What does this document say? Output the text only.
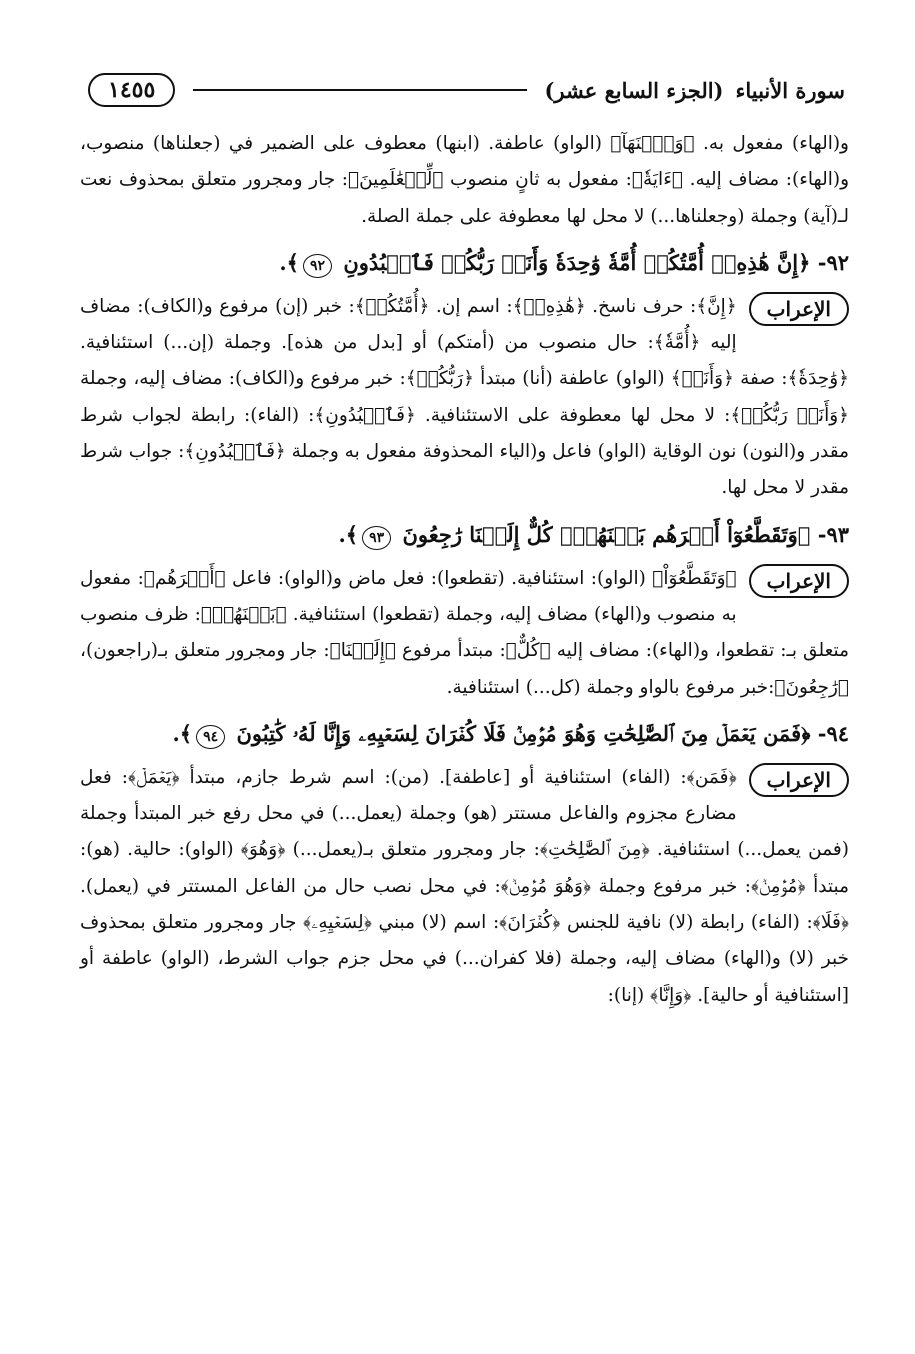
سورة الأنبياء
(الجزء السابع عشر)
١٤٥٥

و(الهاء) مفعول به. ﴿وَٱبۡنَهَآ﴾ (الواو) عاطفة. (ابنها) معطوف على الضمير في (جعلناها) منصوب، و(الهاء): مضاف إليه. ﴿ءَايَةٗ﴾: مفعول به ثانٍ منصوب ﴿لِّلۡعَٰلَمِينَ﴾: جار ومجرور متعلق بمحذوف نعت لـ(آية) وجملة (وجعلناها...) لا محل لها معطوفة على جملة الصلة.

٩٢- ﴿إِنَّ هَٰذِهِۦٓ أُمَّتُكُمۡ أُمَّةٗ وَٰحِدَةٗ وَأَنَا۠ رَبُّكُمۡ فَٱعۡبُدُونِ ٩٢﴾.
الإعراب

﴿إِنَّ﴾: حرف ناسخ. ﴿هَٰذِهِۦٓ﴾: اسم إن. ﴿أُمَّتُكُمۡ﴾: خبر (إن) مرفوع و(الكاف): مضاف إليه ﴿أُمَّةٗ﴾: حال منصوب من (أمتكم) أو [بدل من هذه]. وجملة (إن...) استئنافية. ﴿وَٰحِدَةٗ﴾: صفة ﴿وَأَنَا۠﴾ (الواو) عاطفة (أنا) مبتدأ ﴿رَبُّكُمۡ﴾: خبر مرفوع و(الكاف): مضاف إليه، وجملة ﴿وَأَنَا۠ رَبُّكُمۡ﴾: لا محل لها معطوفة على الاستئنافية. ﴿فَٱعۡبُدُونِ﴾: (الفاء): رابطة لجواب شرط مقدر و(النون) نون الوقاية (الواو) فاعل و(الياء المحذوفة مفعول به وجملة ﴿فَٱعۡبُدُونِ﴾: جواب شرط مقدر لا محل لها.

٩٣- ﴿وَتَقَطَّعُوٓاْ أَمۡرَهُم بَيۡنَهُمۡۖ كُلٌّ إِلَيۡنَا رَٰجِعُونَ ٩٣﴾.
الإعراب

﴿وَتَقَطَّعُوٓاْ﴾ (الواو): استئنافية. (تقطعوا): فعل ماض و(الواو): فاعل ﴿أَمۡرَهُم﴾: مفعول به منصوب و(الهاء) مضاف إليه، وجملة (تقطعوا) استئنافية. ﴿بَيۡنَهُمۡ﴾: ظرف منصوب متعلق بـ: تقطعوا، و(الهاء): مضاف إليه ﴿كُلٌّ﴾: مبتدأ مرفوع ﴿إِلَيۡنَا﴾: جار ومجرور متعلق بـ(راجعون)، ﴿رَٰجِعُونَ﴾:خبر مرفوع بالواو وجملة (كل...) استئنافية.

٩٤- ﴿فَمَن يَعۡمَلۡ مِنَ ٱلصَّٰلِحَٰتِ وَهُوَ مُؤۡمِنٞ فَلَا كُفۡرَانَ لِسَعۡيِهِۦ وَإِنَّا لَهُۥ كَٰتِبُونَ ٩٤﴾.
الإعراب

﴿فَمَن﴾: (الفاء) استئنافية أو [عاطفة]. (من): اسم شرط جازم، مبتدأ ﴿يَعۡمَلۡ﴾: فعل مضارع مجزوم والفاعل مستتر (هو) وجملة (يعمل...) في محل رفع خبر المبتدأ وجملة (فمن يعمل...) استئنافية. ﴿مِنَ ٱلصَّٰلِحَٰتِ﴾: جار ومجرور متعلق بـ(يعمل...) ﴿وَهُوَ﴾ (الواو): حالية. (هو): مبتدأ ﴿مُؤۡمِنٞ﴾: خبر مرفوع وجملة ﴿وَهُوَ مُؤۡمِنٞ﴾: في محل نصب حال من الفاعل المستتر في (يعمل). ﴿فَلَا﴾: (الفاء) رابطة (لا) نافية للجنس ﴿كُفۡرَانَ﴾: اسم (لا) مبني ﴿لِسَعۡيِهِۦ﴾ جار ومجرور متعلق بمحذوف خبر (لا) و(الهاء) مضاف إليه، وجملة (فلا كفران...) في محل جزم جواب الشرط، (الواو) عاطفة أو [استئنافية أو حالية]. ﴿وَإِنَّا﴾ (إنا):
